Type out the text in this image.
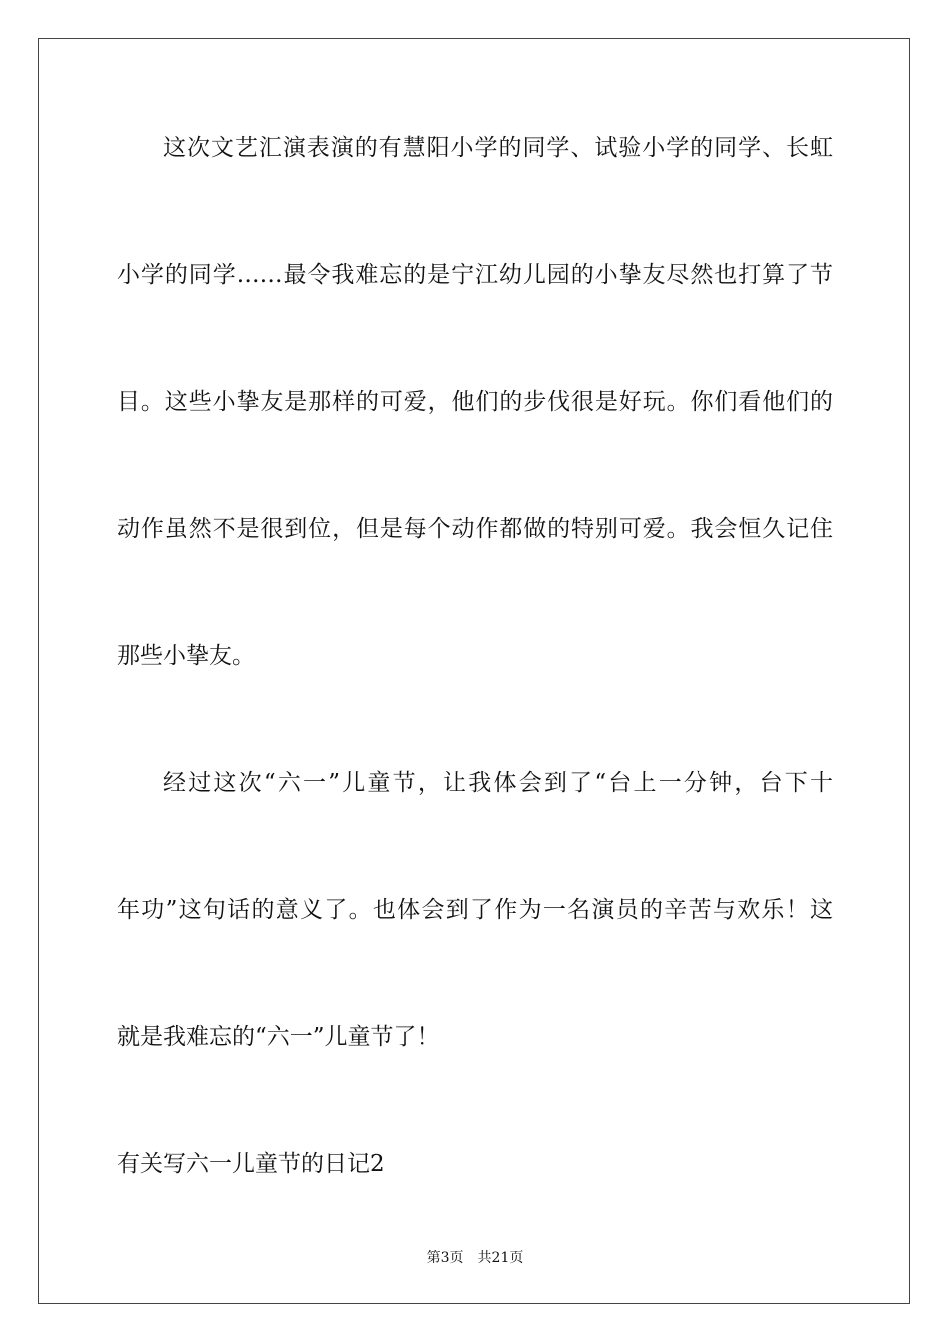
这次文艺汇演表演的有慧阳小学的同学、试验小学的同学、长虹
小学的同学……最令我难忘的是宁江幼儿园的小挚友尽然也打算了节
目。这些小挚友是那样的可爱，他们的步伐很是好玩。你们看他们的
动作虽然不是很到位，但是每个动作都做的特别可爱。我会恒久记住
那些小挚友。
经过这次“六一”儿童节，让我体会到了“台上一分钟，台下十
年功”这句话的意义了。也体会到了作为一名演员的辛苦与欢乐！这
就是我难忘的“六一”儿童节了！
有关写六一儿童节的日记2
第3页 共21页
